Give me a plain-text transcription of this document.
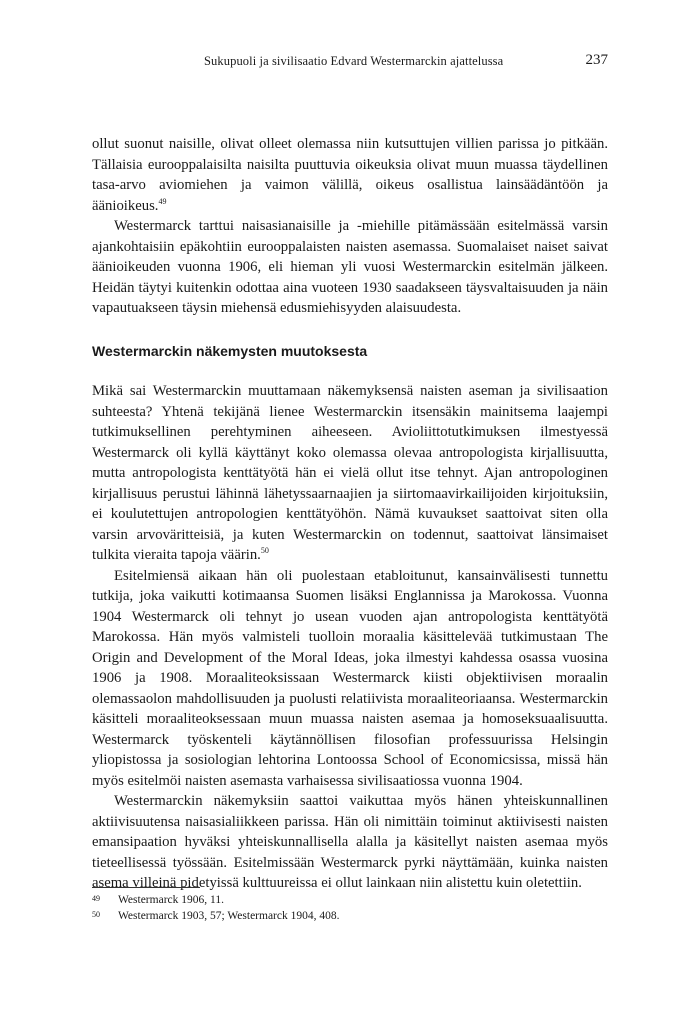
Sukupuoli ja sivilisaatio Edvard Westermarckin ajattelussa	237

ollut suonut naisille, olivat olleet olemassa niin kutsuttujen villien parissa jo pitkään. Tällaisia eurooppalaisilta naisilta puuttuvia oikeuksia olivat muun muassa täydellinen tasa-arvo aviomiehen ja vaimon välillä, oikeus osallistua lainsäädäntöön ja äänioikeus.$^{49}$

Westermarck tarttui naisasianaisille ja -miehille pitämässään esitelmässä varsin ajankohtaisiin epäkohtiin eurooppalaisten naisten asemassa. Suomalaiset naiset saivat äänioikeuden vuonna 1906, eli hieman yli vuosi Westermarckin esitelmän jälkeen. Heidän täytyi kuitenkin odottaa aina vuoteen 1930 saadakseen täysvaltaisuuden ja näin vapautuakseen täysin miehensä edusmiehisyyden alaisuudesta.

Westermarckin näkemysten muutoksesta

Mikä sai Westermarckin muuttamaan näkemyksensä naisten aseman ja sivilisaation suhteesta? Yhtenä tekijänä lienee Westermarckin itsensäkin mainitsema laajempi tutkimuksellinen perehtyminen aiheeseen. Avioliittotutkimuksen ilmestyessä Westermarck oli kyllä käyttänyt koko olemassa olevaa antropologista kirjallisuutta, mutta antropologista kenttätyötä hän ei vielä ollut itse tehnyt. Ajan antropologinen kirjallisuus perustui lähinnä lähetyssaarnaajien ja siirtomaavirkailijoiden kirjoituksiin, ei koulutettujen antropologien kenttätyöhön. Nämä kuvaukset saattoivat siten olla varsin arvoväritteisiä, ja kuten Westermarckin on todennut, saattoivat länsimaiset tulkita vieraita tapoja väärin.$^{50}$

Esitelmiensä aikaan hän oli puolestaan etabloitunut, kansainvälisesti tunnettu tutkija, joka vaikutti kotimaansa Suomen lisäksi Englannissa ja Marokossa. Vuonna 1904 Westermarck oli tehnyt jo usean vuoden ajan antropologista kenttätyötä Marokossa. Hän myös valmisteli tuolloin moraalia käsittelevää tutkimustaan The Origin and Development of the Moral Ideas, joka ilmestyi kahdessa osassa vuosina 1906 ja 1908. Moraaliteoksissaan Westermarck kiisti objektiivisen moraalin olemassaolon mahdollisuuden ja puolusti relatiivista moraaliteoriaansa. Westermarckin käsitteli moraaliteoksessaan muun muassa naisten asemaa ja homoseksuaalisuutta. Westermarck työskenteli käytännöllisen filosofian professuurissa Helsingin yliopistossa ja sosiologian lehtorina Lontoossa School of Economicsissa, missä hän myös esitelmöi naisten asemasta varhaisessa sivilisaatiossa vuonna 1904.

Westermarckin näkemyksiin saattoi vaikuttaa myös hänen yhteiskunnallinen aktiivisuutensa naisasialiikkeen parissa. Hän oli nimittäin toiminut aktiivisesti naisten emansipaation hyväksi yhteiskunnallisella alalla ja käsitellyt naisten asemaa myös tieteellisessä työssään. Esitelmissään Westermarck pyrki näyttämään, kuinka naisten asema villeinä pidetyissä kulttuureissa ei ollut lainkaan niin alistettu kuin oletettiin.

49 Westermarck 1906, 11.
50 Westermarck 1903, 57; Westermarck 1904, 408.
